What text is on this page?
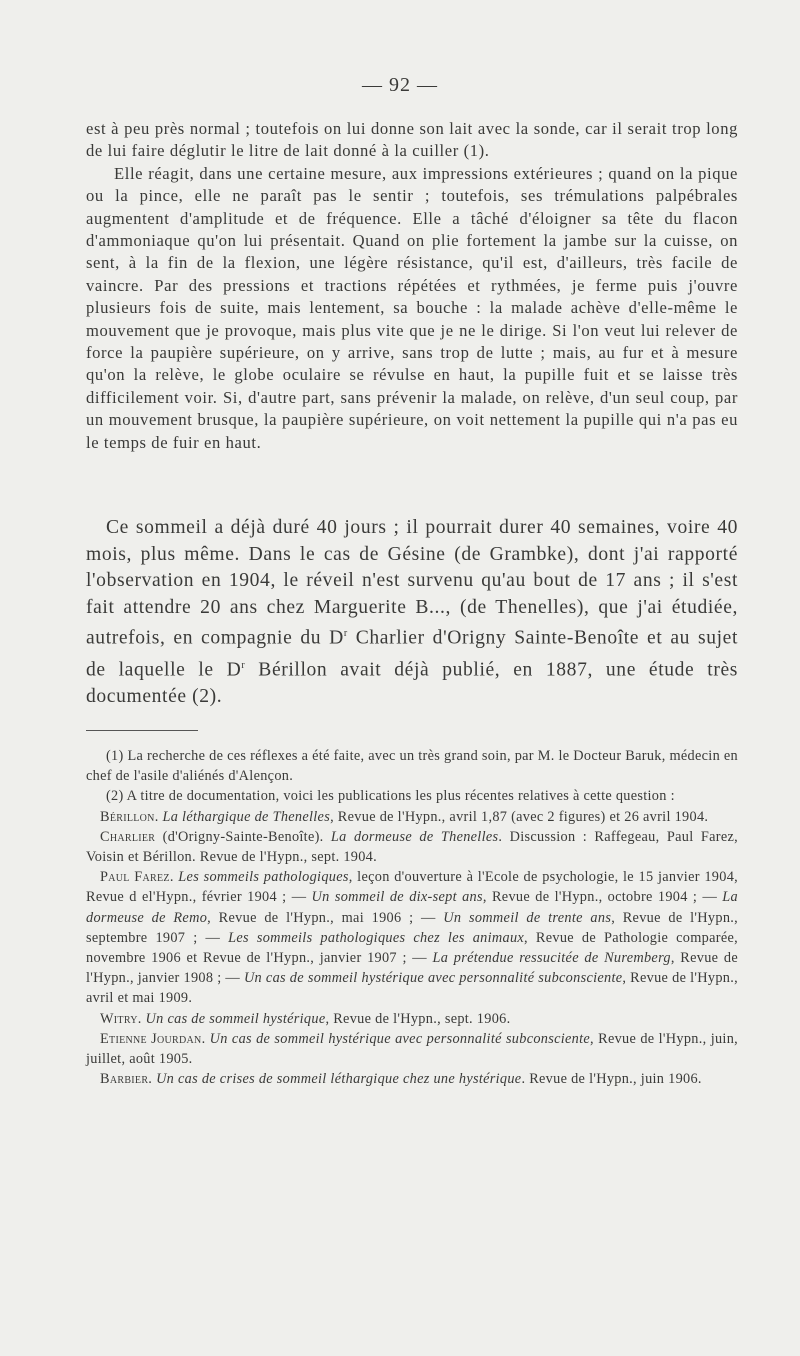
— 92 —

est à peu près normal ; toutefois on lui donne son lait avec la sonde, car il serait trop long de lui faire déglutir le litre de lait donné à la cuiller (1).

Elle réagit, dans une certaine mesure, aux impressions extérieures ; quand on la pique ou la pince, elle ne paraît pas le sentir ; toutefois, ses trémulations palpébrales augmentent d'amplitude et de fréquence. Elle a tâché d'éloigner sa tête du flacon d'ammoniaque qu'on lui présentait. Quand on plie fortement la jambe sur la cuisse, on sent, à la fin de la flexion, une légère résistance, qu'il est, d'ailleurs, très facile de vaincre. Par des pressions et tractions répétées et rythmées, je ferme puis j'ouvre plusieurs fois de suite, mais lentement, sa bouche : la malade achève d'elle-même le mouvement que je provoque, mais plus vite que je ne le dirige. Si l'on veut lui relever de force la paupière supérieure, on y arrive, sans trop de lutte ; mais, au fur et à mesure qu'on la relève, le globe oculaire se révulse en haut, la pupille fuit et se laisse très difficilement voir. Si, d'autre part, sans prévenir la malade, on relève, d'un seul coup, par un mouvement brusque, la paupière supérieure, on voit nettement la pupille qui n'a pas eu le temps de fuir en haut.

Ce sommeil a déjà duré 40 jours ; il pourrait durer 40 semaines, voire 40 mois, plus même. Dans le cas de Gésine (de Grambke), dont j'ai rapporté l'observation en 1904, le réveil n'est survenu qu'au bout de 17 ans ; il s'est fait attendre 20 ans chez Marguerite B..., (de Thenelles), que j'ai étudiée, autrefois, en compagnie du $D^r$ Charlier d'Origny Sainte-Benoîte et au sujet de laquelle le $D^r$ Bérillon avait déjà publié, en 1887, une étude très documentée (2).

(1) La recherche de ces réflexes a été faite, avec un très grand soin, par M. le Docteur Baruk, médecin en chef de l'asile d'aliénés d'Alençon.

(2) A titre de documentation, voici les publications les plus récentes relatives à cette question :

Bérillon. La léthargique de Thenelles, Revue de l'Hypn., avril 1,87 (avec 2 figures) et 26 avril 1904.

Charlier (d'Origny-Sainte-Benoîte). La dormeuse de Thenelles. Discussion : Raffegeau, Paul Farez, Voisin et Bérillon. Revue de l'Hypn., sept. 1904.

Paul Farez. Les sommeils pathologiques, leçon d'ouverture à l'Ecole de psychologie, le 15 janvier 1904, Revue d el'Hypn., février 1904 ; — Un sommeil de dix-sept ans, Revue de l'Hypn., octobre 1904 ; — La dormeuse de Remo, Revue de l'Hypn., mai 1906 ; — Un sommeil de trente ans, Revue de l'Hypn., septembre 1907 ; — Les sommeils pathologiques chez les animaux, Revue de Pathologie comparée, novembre 1906 et Revue de l'Hypn., janvier 1907 ; — La prétendue ressucitée de Nuremberg, Revue de l'Hypn., janvier 1908 ; — Un cas de sommeil hystérique avec personnalité subconsciente, Revue de l'Hypn., avril et mai 1909.

Witry. Un cas de sommeil hystérique, Revue de l'Hypn., sept. 1906.

Etienne Jourdan. Un cas de sommeil hystérique avec personnalité subconsciente, Revue de l'Hypn., juin, juillet, août 1905.

Barbier. Un cas de crises de sommeil léthargique chez une hystérique. Revue de l'Hypn., juin 1906.
